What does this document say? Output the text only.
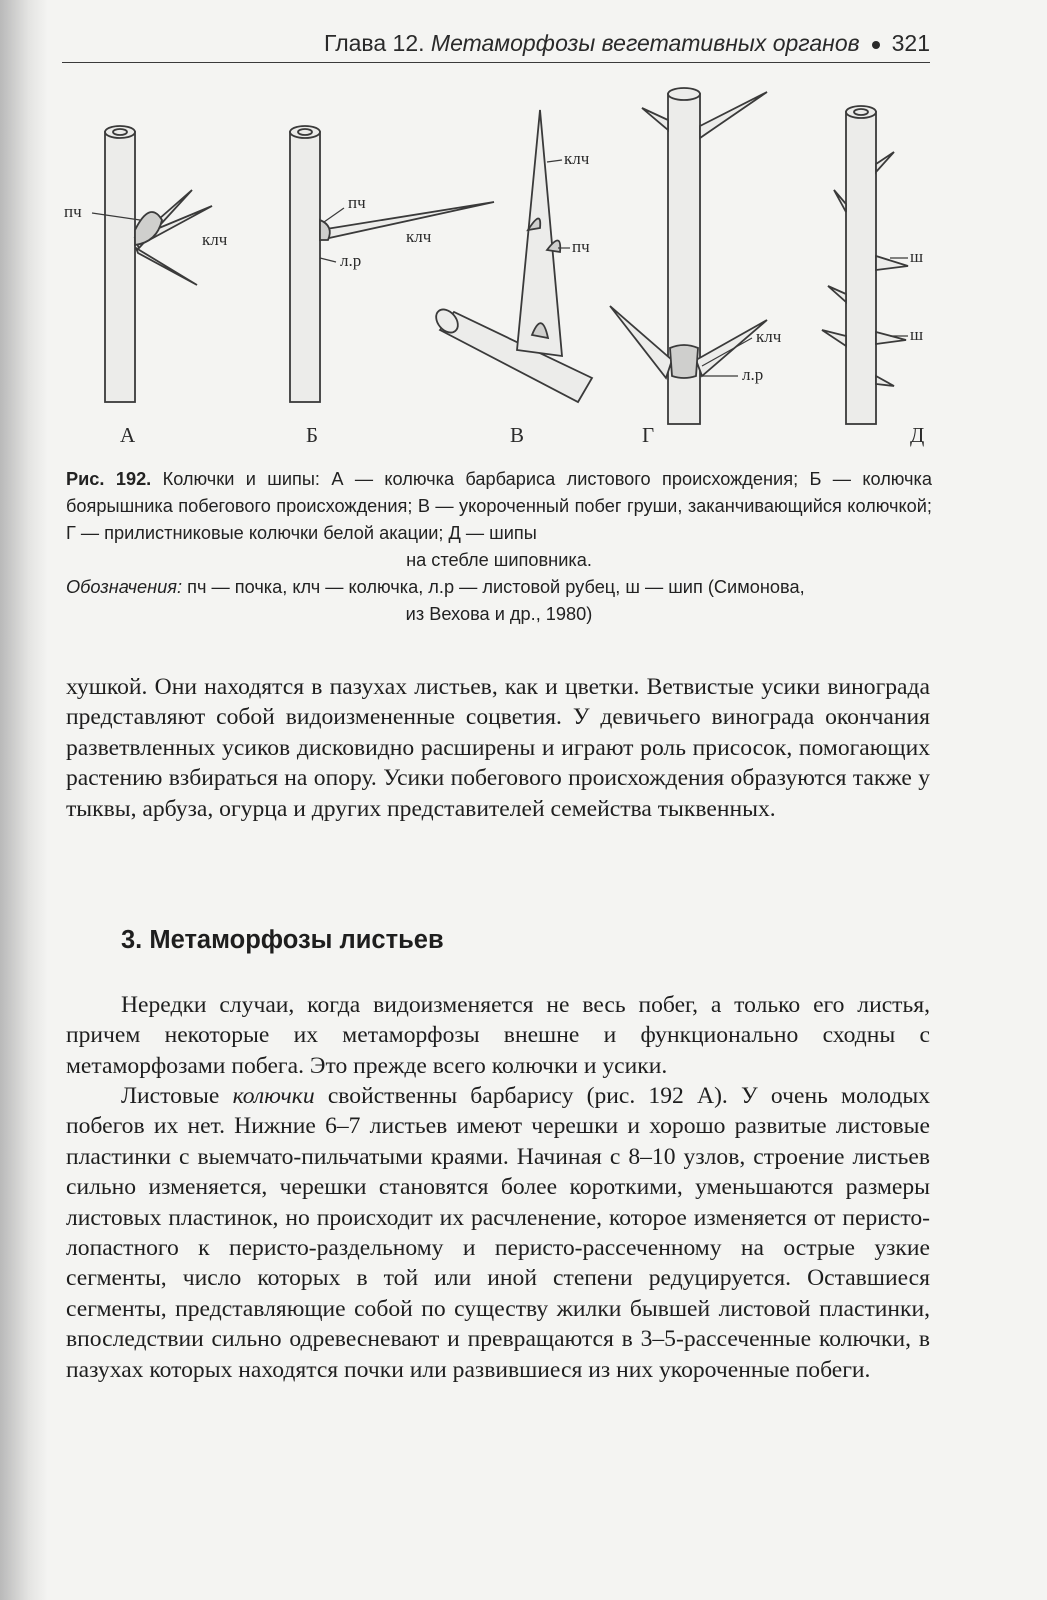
Глава 12. Метаморфозы вегетативных органов 321
пч
клч
пч
клч
л.р
клч
пч
клч
л.р
ш
ш
А	Б	В	Г	Д
Рис. 192. Колючки и шипы: А — колючка барбариса листового происхождения; Б — колючка боярышника побегового происхождения; В — укороченный побег груши, заканчивающийся колючкой; Г — прилистниковые колючки белой акации; Д — шипы
на стебле шиповника.
Обозначения: пч — почка, клч — колючка, л.р — листовой рубец, ш — шип (Симонова,
из Вехова и др., 1980)

хушкой. Они находятся в пазухах листьев, как и цветки. Ветвистые усики винограда представляют собой видоизмененные соцветия. У девичьего винограда окончания разветвленных усиков дисковидно расширены и играют роль присосок, помогающих растению взбираться на опору. Усики побегового происхождения образуются также у тыквы, арбуза, огурца и других представителей семейства тыквенных.

3. Метаморфозы листьев

Нередки случаи, когда видоизменяется не весь побег, а только его листья, причем некоторые их метаморфозы внешне и функционально сходны с метаморфозами побега. Это прежде всего колючки и усики.

Листовые колючки свойственны барбарису (рис. 192 А). У очень молодых побегов их нет. Нижние 6–7 листьев имеют черешки и хорошо развитые листовые пластинки с выемчато-пильчатыми краями. Начиная с 8–10 узлов, строение листьев сильно изменяется, черешки становятся более короткими, уменьшаются размеры листовых пластинок, но происходит их расчленение, которое изменяется от перисто-лопастного к перисто-раздельному и перисто-рассеченному на острые узкие сегменты, число которых в той или иной степени редуцируется. Оставшиеся сегменты, представляющие собой по существу жилки бывшей листовой пластинки, впоследствии сильно одревесневают и превращаются в 3–5-рассеченные колючки, в пазухах которых находятся почки или развившиеся из них укороченные побеги.
